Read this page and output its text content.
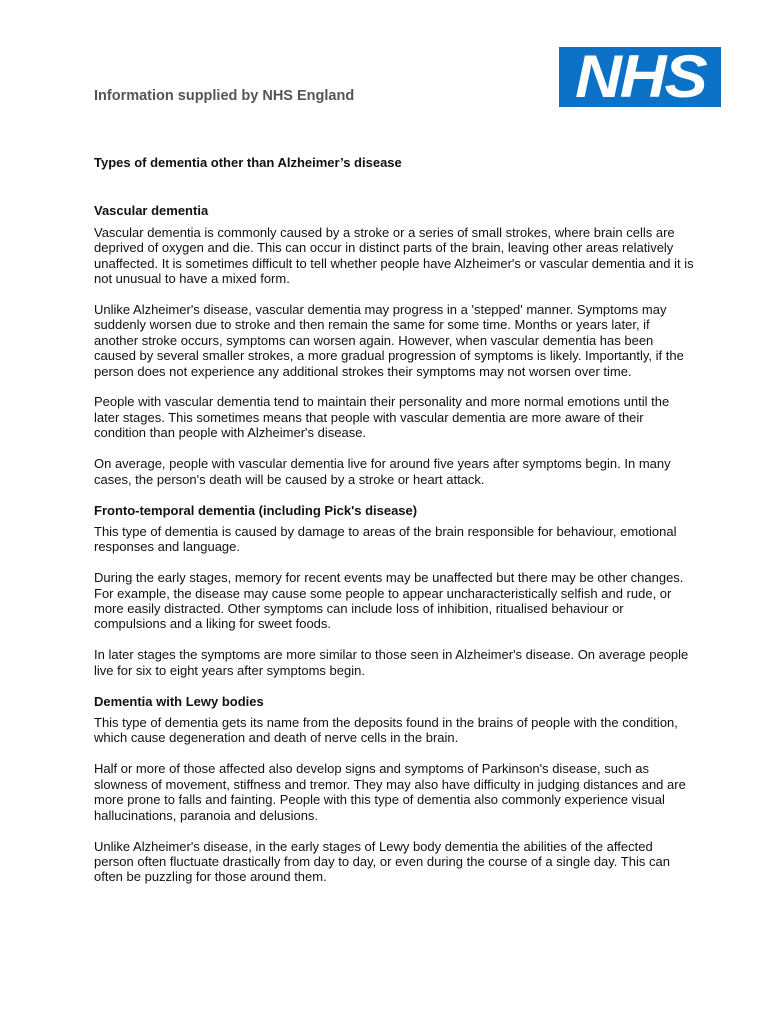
NHS
Information supplied by NHS England
Types of dementia other than Alzheimer’s disease
Vascular dementia

Vascular dementia is commonly caused by a stroke or a series of small strokes, where brain cells are deprived of oxygen and die. This can occur in distinct parts of the brain, leaving other areas relatively unaffected. It is sometimes difficult to tell whether people have Alzheimer's or vascular dementia and it is not unusual to have a mixed form.

Unlike Alzheimer's disease, vascular dementia may progress in a 'stepped' manner. Symptoms may suddenly worsen due to stroke and then remain the same for some time. Months or years later, if another stroke occurs, symptoms can worsen again. However, when vascular dementia has been caused by several smaller strokes, a more gradual progression of symptoms is likely. Importantly, if the person does not experience any additional strokes their symptoms may not worsen over time.

People with vascular dementia tend to maintain their personality and more normal emotions until the later stages. This sometimes means that people with vascular dementia are more aware of their condition than people with Alzheimer's disease.

On average, people with vascular dementia live for around five years after symptoms begin. In many cases, the person's death will be caused by a stroke or heart attack.

Fronto-temporal dementia (including Pick's disease)

This type of dementia is caused by damage to areas of the brain responsible for behaviour, emotional responses and language.

During the early stages, memory for recent events may be unaffected but there may be other changes. For example, the disease may cause some people to appear uncharacteristically selfish and rude, or more easily distracted. Other symptoms can include loss of inhibition, ritualised behaviour or compulsions and a liking for sweet foods.

In later stages the symptoms are more similar to those seen in Alzheimer's disease. On average people live for six to eight years after symptoms begin.

Dementia with Lewy bodies

This type of dementia gets its name from the deposits found in the brains of people with the condition, which cause degeneration and death of nerve cells in the brain.

Half or more of those affected also develop signs and symptoms of Parkinson's disease, such as slowness of movement, stiffness and tremor. They may also have difficulty in judging distances and are more prone to falls and fainting. People with this type of dementia also commonly experience visual hallucinations, paranoia and delusions.

Unlike Alzheimer's disease, in the early stages of Lewy body dementia the abilities of the affected person often fluctuate drastically from day to day, or even during the course of a single day. This can often be puzzling for those around them.
